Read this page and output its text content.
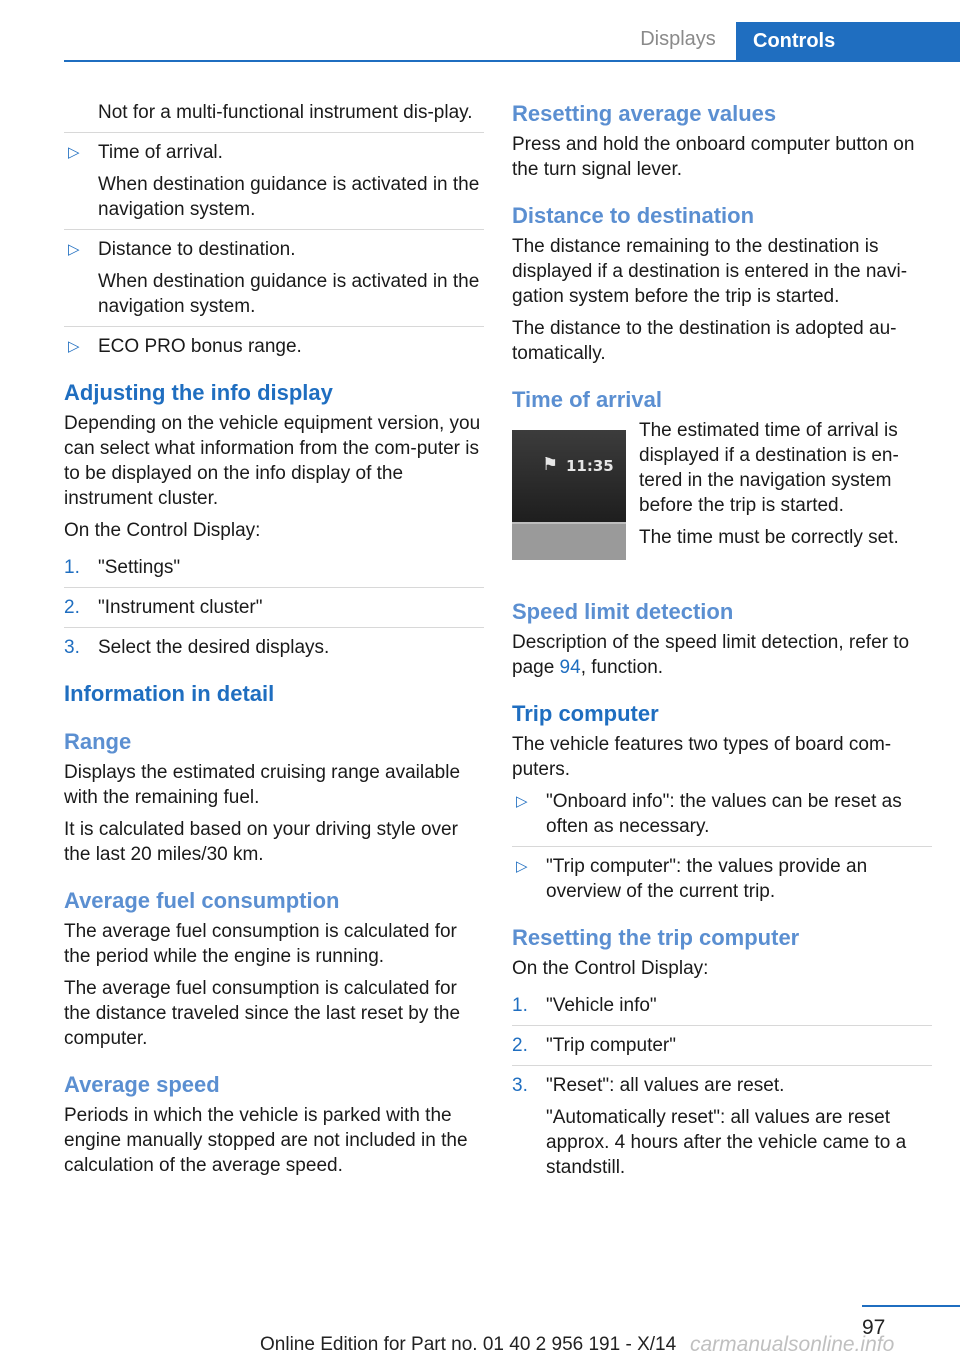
Displays	Controls

Not for a multi-functional instrument dis-play.

▷ Time of arrival.
When destination guidance is activated in the navigation system.
▷ Distance to destination.
When destination guidance is activated in the navigation system.
▷ ECO PRO bonus range.
Adjusting the info display

Depending on the vehicle equipment version, you can select what information from the com-puter is to be displayed on the info display of the instrument cluster.

On the Control Display:

1. "Settings"
2. "Instrument cluster"
3. Select the desired displays.
Information in detail
Range

Displays the estimated cruising range available with the remaining fuel.

It is calculated based on your driving style over the last 20 miles/30 km.

Average fuel consumption

The average fuel consumption is calculated for the period while the engine is running.

The average fuel consumption is calculated for the distance traveled since the last reset by the computer.

Average speed

Periods in which the vehicle is parked with the engine manually stopped are not included in the calculation of the average speed.

Resetting average values

Press and hold the onboard computer button on the turn signal lever.

Distance to destination

The distance remaining to the destination is displayed if a destination is entered in the navi-gation system before the trip is started.

The distance to the destination is adopted au-tomatically.

Time of arrival
⚑ 11:35

The estimated time of arrival is displayed if a destination is en-tered in the navigation system before the trip is started.

The time must be correctly set.

Speed limit detection

Description of the speed limit detection, refer to page 94, function.

Trip computer

The vehicle features two types of board com-puters.

▷ "Onboard info": the values can be reset as often as necessary.
▷ "Trip computer": the values provide an overview of the current trip.
Resetting the trip computer

On the Control Display:

1. "Vehicle info"
2. "Trip computer"
3. "Reset": all values are reset.
"Automatically reset": all values are reset approx. 4 hours after the vehicle came to a standstill.
97
Online Edition for Part no. 01 40 2 956 191 - X/14 carmanualsonline.info
